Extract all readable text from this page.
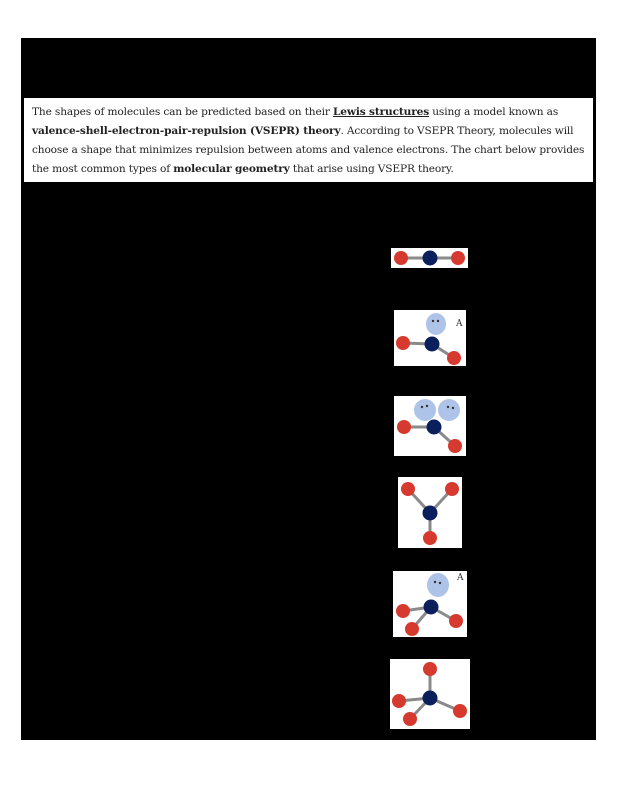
The shapes of molecules can be predicted based on their Lewis structures using a model known as valence-shell-electron-pair-repulsion (VSEPR) theory. According to VSEPR Theory, molecules will choose a shape that minimizes repulsion between atoms and valence electrons. The chart below provides the most common types of molecular geometry that arise using VSEPR theory.
A
A
